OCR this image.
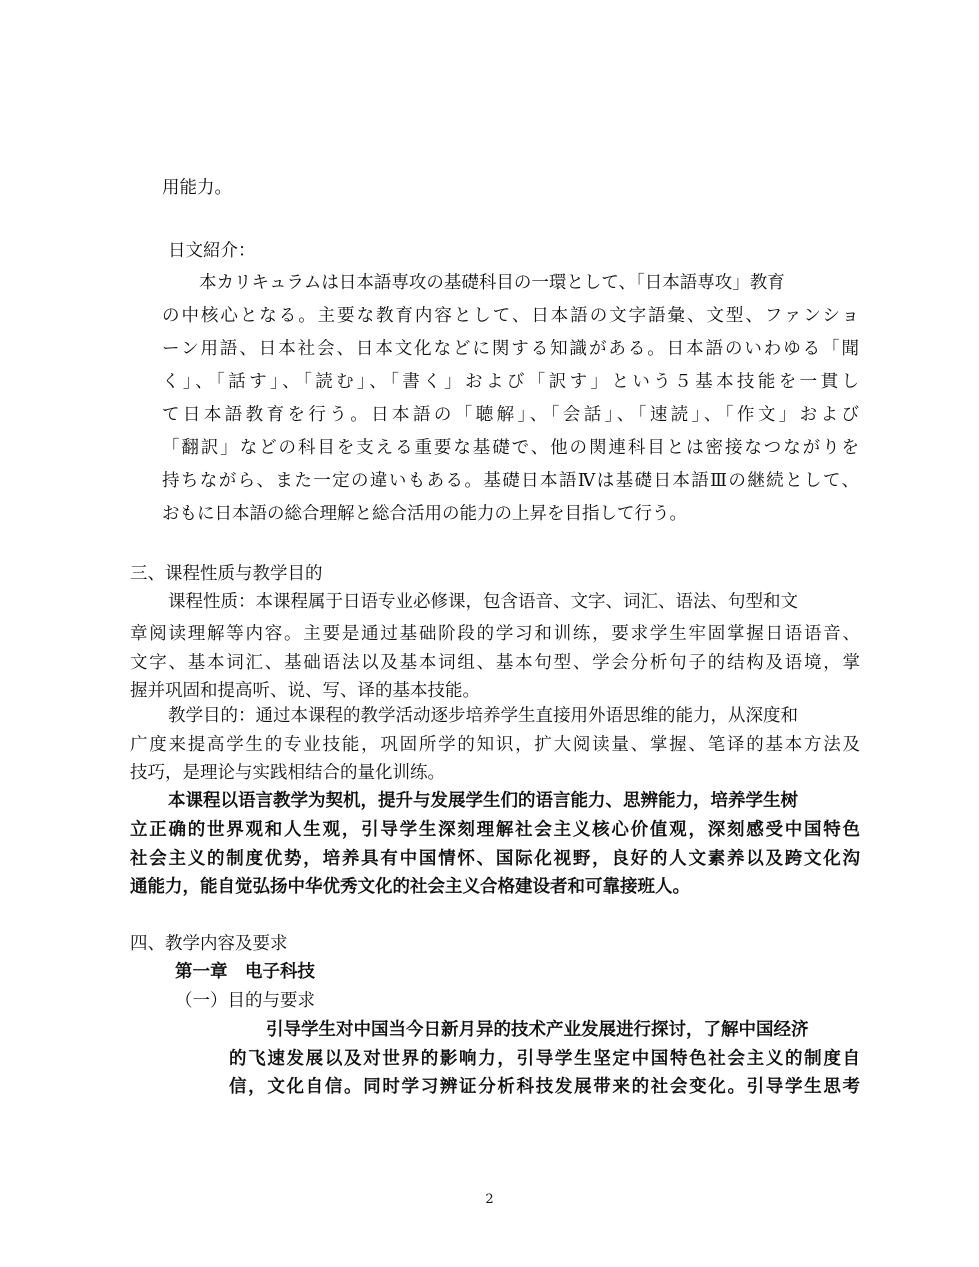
用能力。
日文紹介：
本カリキュラムは日本語専攻の基礎科目の一環として、「日本語専攻」教育
の中核心となる。主要な教育内容として、日本語の文字語彙、文型、ファンショ
ーン用語、日本社会、日本文化などに関する知識がある。日本語のいわゆる「聞
く」、「話す」、「読む」、「書く」および「訳す」という５基本技能を一貫し
て日本語教育を行う。日本語の「聴解」、「会話」、「速読」、「作文」および
「翻訳」などの科目を支える重要な基礎で、他の関連科目とは密接なつながりを
持ちながら、また一定の違いもある。基礎日本語Ⅳは基礎日本語Ⅲの継続として、
おもに日本語の総合理解と総合活用の能力の上昇を目指して行う。
三、课程性质与教学目的
课程性质：本课程属于日语专业必修课，包含语音、文字、词汇、语法、句型和文
章阅读理解等内容。主要是通过基础阶段的学习和训练，要求学生牢固掌握日语语音、
文字、基本词汇、基础语法以及基本词组、基本句型、学会分析句子的结构及语境，掌
握并巩固和提高听、说、写、译的基本技能。
教学目的：通过本课程的教学活动逐步培养学生直接用外语思维的能力，从深度和
广度来提高学生的专业技能，巩固所学的知识，扩大阅读量、掌握、笔译的基本方法及
技巧，是理论与实践相结合的量化训练。
本课程以语言教学为契机，提升与发展学生们的语言能力、思辨能力，培养学生树
立正确的世界观和人生观，引导学生深刻理解社会主义核心价值观，深刻感受中国特色
社会主义的制度优势，培养具有中国情怀、国际化视野，良好的人文素养以及跨文化沟
通能力，能自觉弘扬中华优秀文化的社会主义合格建设者和可靠接班人。
四、教学内容及要求
第一章　电子科技
（一）目的与要求
引导学生对中国当今日新月异的技术产业发展进行探讨，了解中国经济
的飞速发展以及对世界的影响力，引导学生坚定中国特色社会主义的制度自
信，文化自信。同时学习辨证分析科技发展带来的社会变化。引导学生思考
2
